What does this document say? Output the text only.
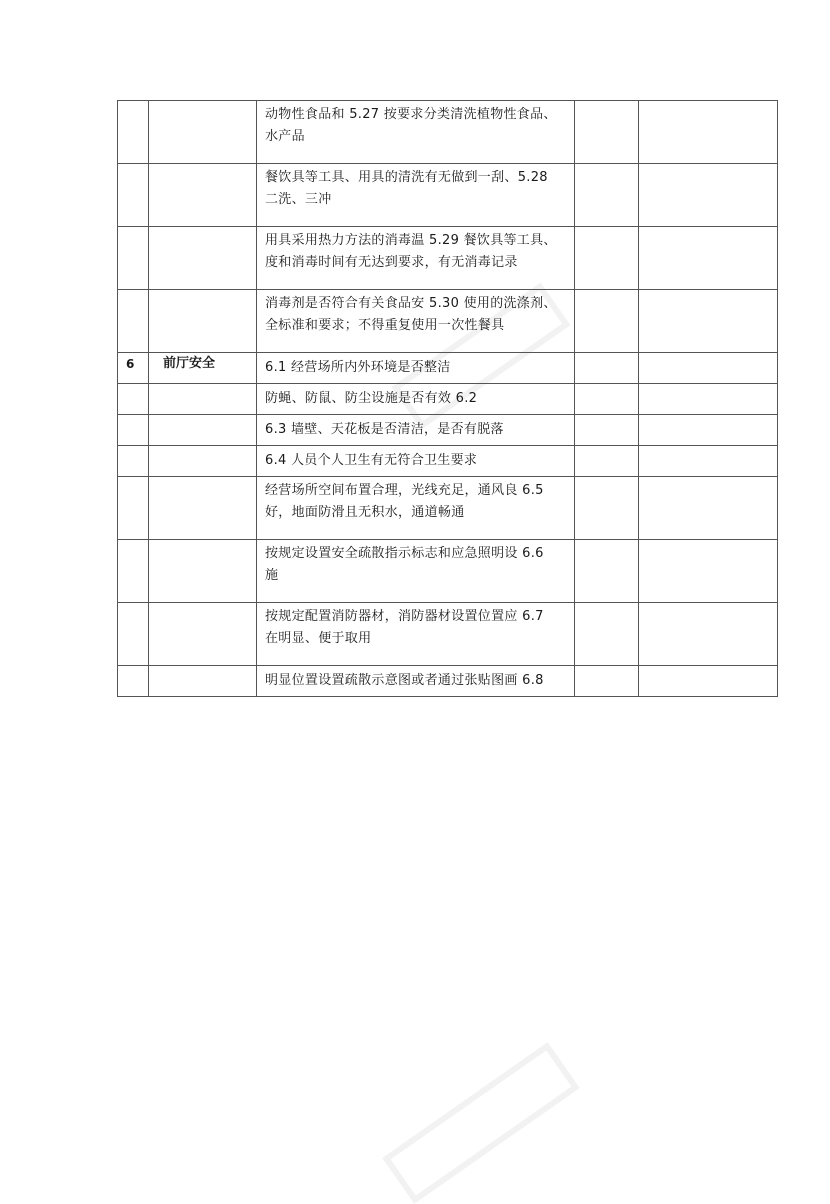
		动物性食品和 5.27 按要求分类清洗植物性食品、
水产品		

		餐饮具等工具、用具的清洗有无做到一刮、5.28
二洗、三冲		

		用具采用热力方法的消毒温 5.29 餐饮具等工具、
度和消毒时间有无达到要求，有无消毒记录		

		消毒剂是否符合有关食品安 5.30 使用的洗涤剂、
全标准和要求；不得重复使用一次性餐具		

6	前厅安全	6.1 经营场所内外环境是否整洁		

		防蝇、防鼠、防尘设施是否有效 6.2		

		6.3 墙壁、天花板是否清洁，是否有脱落		

		6.4 人员个人卫生有无符合卫生要求		

		经营场所空间布置合理，光线充足，通风良 6.5
好，地面防滑且无积水，通道畅通		

		按规定设置安全疏散指示标志和应急照明设 6.6
施		

		按规定配置消防器材，消防器材设置位置应 6.7
在明显、便于取用		

		明显位置设置疏散示意图或者通过张贴图画 6.8		
